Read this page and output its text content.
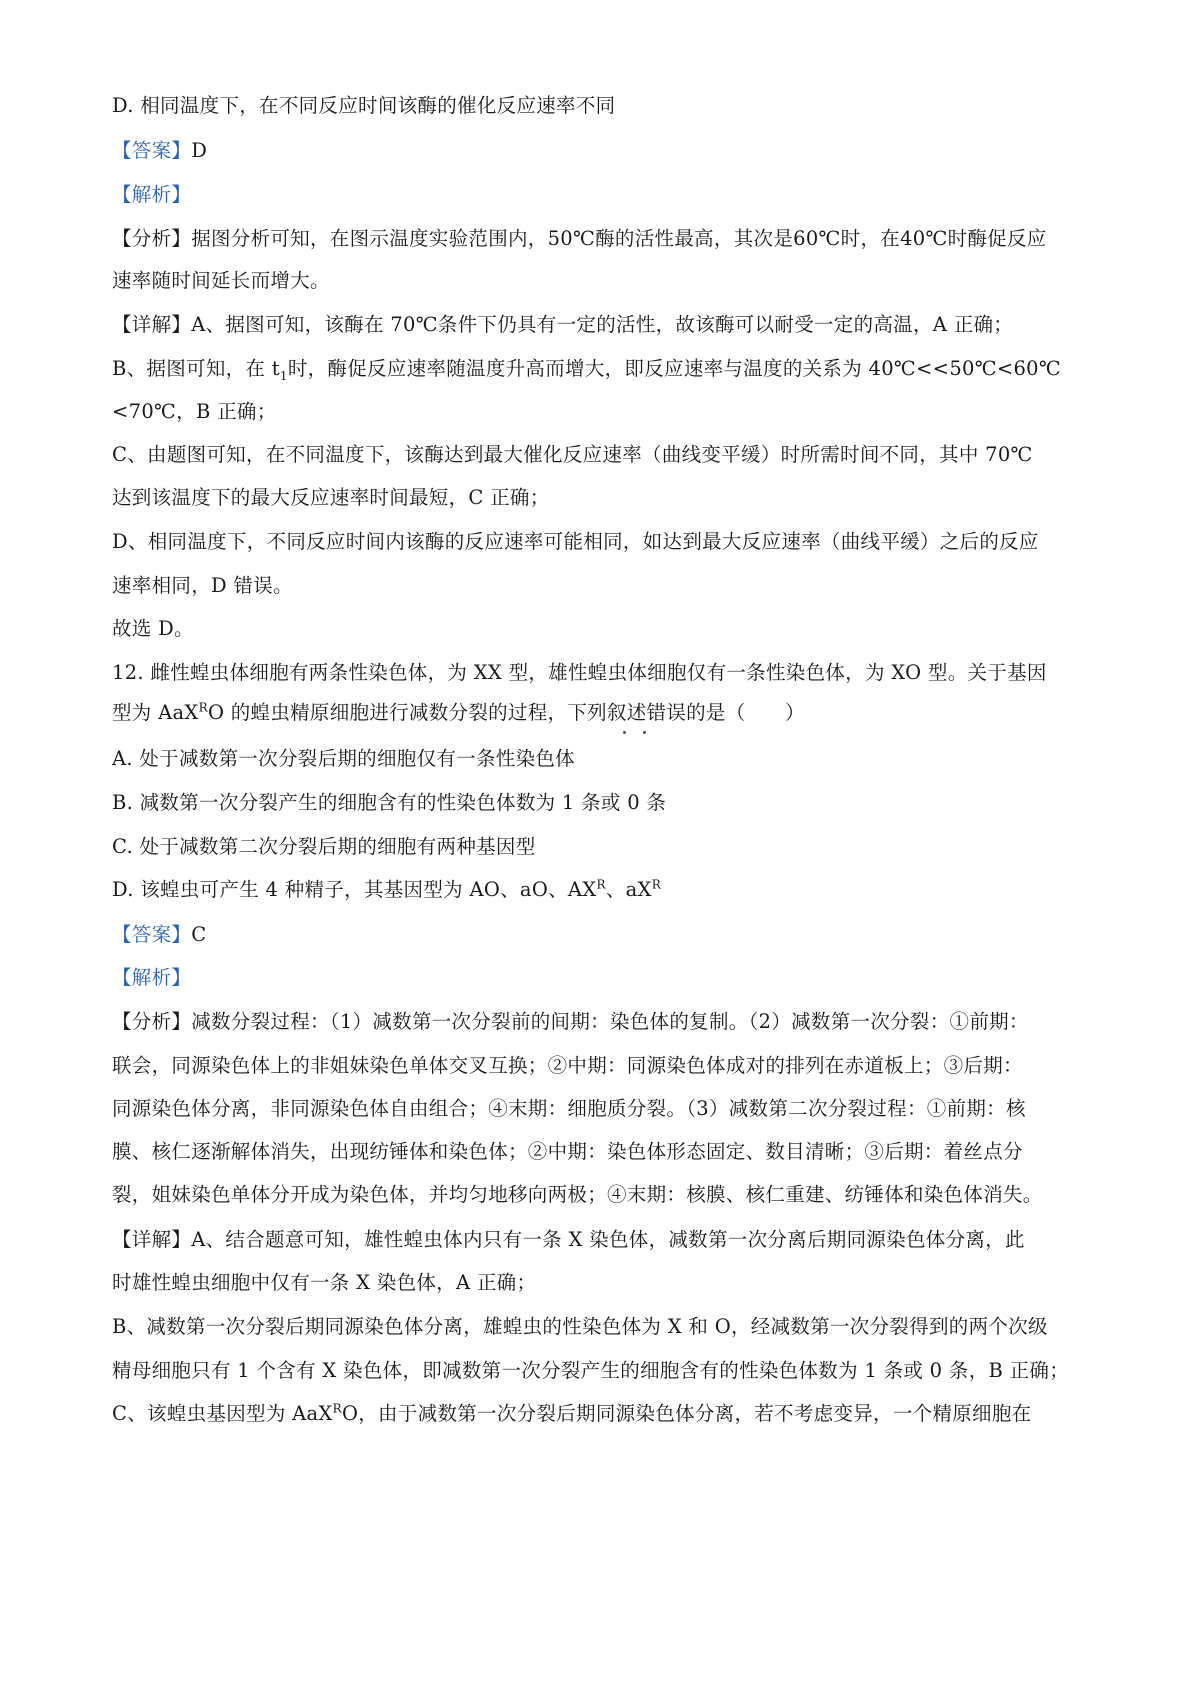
D. 相同温度下，在不同反应时间该酶的催化反应速率不同
【答案】D
【解析】
【分析】据图分析可知，在图示温度实验范围内，50℃酶的活性最高，其次是60℃时，在40℃时酶促反应
速率随时间延长而增大。
【详解】A、据图可知，该酶在 70℃条件下仍具有一定的活性，故该酶可以耐受一定的高温，A 正确；
B、据图可知，在 $t_1$时，酶促反应速率随温度升高而增大，即反应速率与温度的关系为 40℃<<50℃<60℃
<70℃，B 正确；
C、由题图可知，在不同温度下，该酶达到最大催化反应速率（曲线变平缓）时所需时间不同，其中 70℃
达到该温度下的最大反应速率时间最短，C 正确；
D、相同温度下，不同反应时间内该酶的反应速率可能相同，如达到最大反应速率（曲线平缓）之后的反应
速率相同，D 错误。
故选 D。
12. 雌性蝗虫体细胞有两条性染色体，为 XX 型，雄性蝗虫体细胞仅有一条性染色体，为 XO 型。关于基因
型为 AaX$^R$O 的蝗虫精原细胞进行减数分裂的过程，下列叙述错误的是（　　）
A. 处于减数第一次分裂后期的细胞仅有一条性染色体
B. 减数第一次分裂产生的细胞含有的性染色体数为 1 条或 0 条
C. 处于减数第二次分裂后期的细胞有两种基因型
D. 该蝗虫可产生 4 种精子，其基因型为 AO、aO、$AX^R$、$aX^R$
【答案】C
【解析】
【分析】减数分裂过程：（1）减数第一次分裂前的间期：染色体的复制。（2）减数第一次分裂：①前期：
联会，同源染色体上的非姐妹染色单体交叉互换；②中期：同源染色体成对的排列在赤道板上；③后期：
同源染色体分离，非同源染色体自由组合；④末期：细胞质分裂。（3）减数第二次分裂过程：①前期：核
膜、核仁逐渐解体消失，出现纺锤体和染色体；②中期：染色体形态固定、数目清晰；③后期：着丝点分
裂，姐妹染色单体分开成为染色体，并均匀地移向两极；④末期：核膜、核仁重建、纺锤体和染色体消失。
【详解】A、结合题意可知，雄性蝗虫体内只有一条 X 染色体，减数第一次分离后期同源染色体分离，此
时雄性蝗虫细胞中仅有一条 X 染色体，A 正确；
B、减数第一次分裂后期同源染色体分离，雄蝗虫的性染色体为 X 和 O，经减数第一次分裂得到的两个次级
精母细胞只有 1 个含有 X 染色体，即减数第一次分裂产生的细胞含有的性染色体数为 1 条或 0 条，B 正确；
C、该蝗虫基因型为 AaX$^R$O，由于减数第一次分裂后期同源染色体分离，若不考虑变异，一个精原细胞在
